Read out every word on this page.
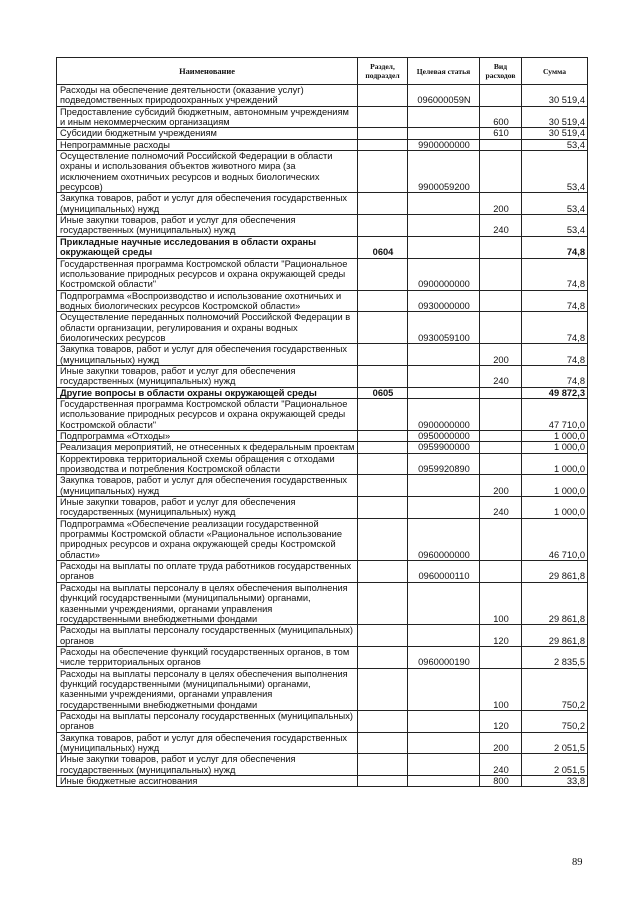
Наименование	Раздел, подраздел	Целевая статья	Вид расходов	Сумма
Расходы на обеспечение деятельности (оказание услуг) подведомственных природоохранных учреждений		096000059N		30 519,4
Предоставление субсидий бюджетным, автономным учреждениям и иным некоммерческим организациям			600	30 519,4
Субсидии бюджетным учреждениям			610	30 519,4
Непрограммные расходы		9900000000		53,4
Осуществление полномочий Российской Федерации в области охраны и использования объектов животного мира (за исключением охотничьих ресурсов и водных биологических ресурсов)		9900059200		53,4
Закупка товаров, работ и услуг для обеспечения государственных (муниципальных) нужд			200	53,4
Иные закупки товаров, работ и услуг для обеспечения государственных (муниципальных) нужд			240	53,4
Прикладные научные исследования в области охраны окружающей среды	0604			74,8
Государственная программа Костромской области "Рациональное использование природных ресурсов и охрана окружающей среды Костромской области"		0900000000		74,8
Подпрограмма «Воспроизводство и использование охотничьих и водных биологических ресурсов Костромской области»		0930000000		74,8
Осуществление переданных полномочий Российской Федерации в области организации, регулирования и охраны водных биологических ресурсов		0930059100		74,8
Закупка товаров, работ и услуг для обеспечения государственных (муниципальных) нужд			200	74,8
Иные закупки товаров, работ и услуг для обеспечения государственных (муниципальных) нужд			240	74,8
Другие вопросы в области охраны окружающей среды	0605			49 872,3
Государственная программа Костромской области "Рациональное использование природных ресурсов и охрана окружающей среды Костромской области"		0900000000		47 710,0
Подпрограмма «Отходы»		0950000000		1 000,0
Реализация мероприятий, не отнесенных к федеральным проектам		0959900000		1 000,0
Корректировка территориальной схемы обращения с отходами производства и потребления Костромской области		0959920890		1 000,0
Закупка товаров, работ и услуг для обеспечения государственных (муниципальных) нужд			200	1 000,0
Иные закупки товаров, работ и услуг для обеспечения государственных (муниципальных) нужд			240	1 000,0
Подпрограмма «Обеспечение реализации государственной программы Костромской области «Рациональное использование природных ресурсов и охрана окружающей среды Костромской области»		0960000000		46 710,0
Расходы на выплаты по оплате труда работников государственных органов		0960000110		29 861,8
Расходы на выплаты персоналу в целях обеспечения выполнения функций государственными (муниципальными) органами, казенными учреждениями, органами управления государственными внебюджетными фондами			100	29 861,8
Расходы на выплаты персоналу государственных (муниципальных) органов			120	29 861,8
Расходы на обеспечение функций государственных органов, в том числе территориальных органов		0960000190		2 835,5
Расходы на выплаты персоналу в целях обеспечения выполнения функций государственными (муниципальными) органами, казенными учреждениями, органами управления государственными внебюджетными фондами			100	750,2
Расходы на выплаты персоналу государственных (муниципальных) органов			120	750,2
Закупка товаров, работ и услуг для обеспечения государственных (муниципальных) нужд			200	2 051,5
Иные закупки товаров, работ и услуг для обеспечения государственных (муниципальных) нужд			240	2 051,5
Иные бюджетные ассигнования			800	33,8
89
